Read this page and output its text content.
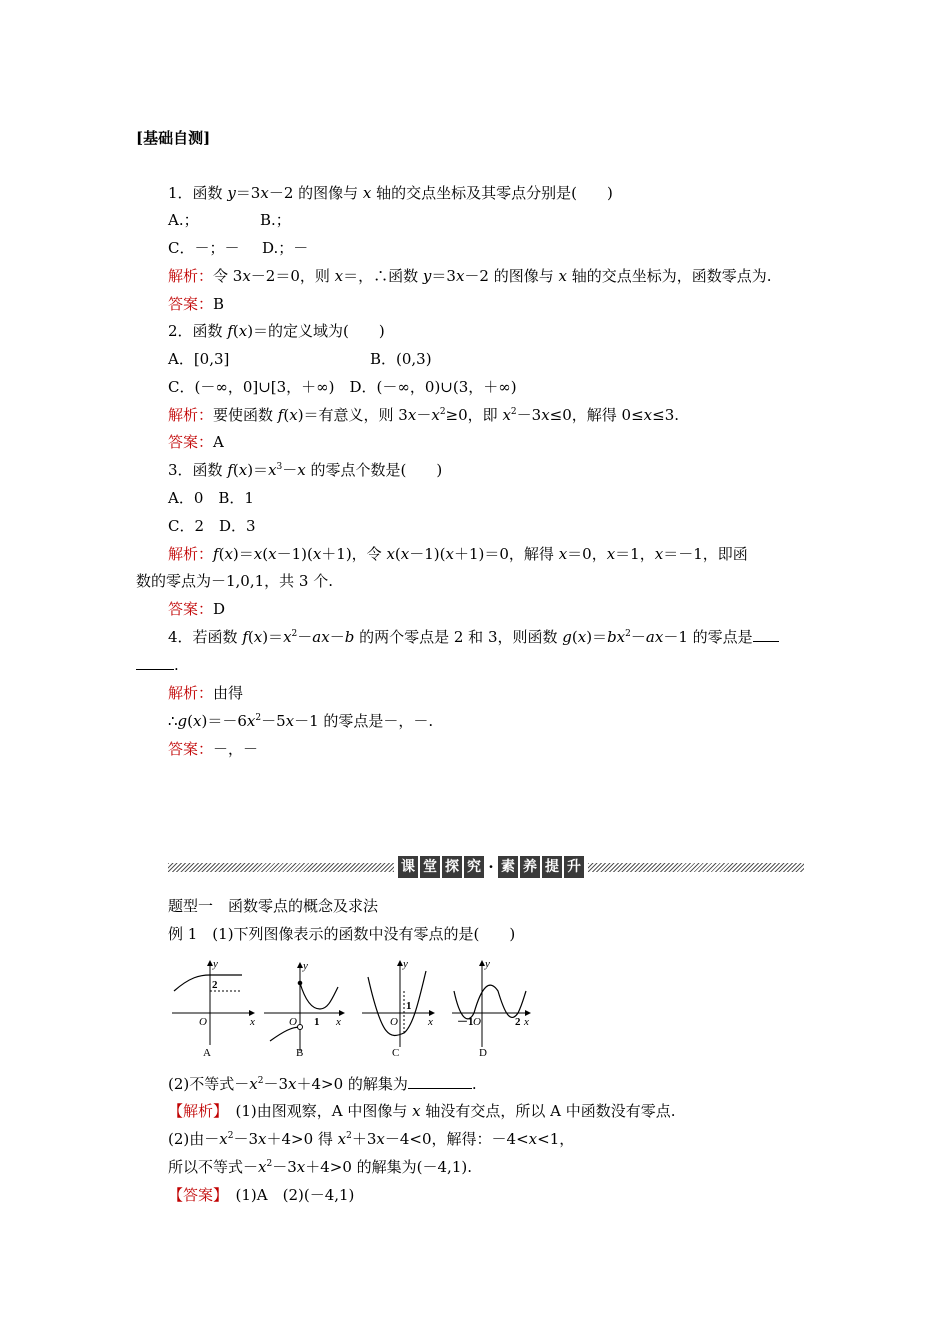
[基础自测]
1．函数 y＝3x－2 的图像与 x 轴的交点坐标及其零点分别是(　　)
A.；	B.；
C．－；－ D.；－
解析：令 3x－2＝0，则 x＝，∴函数 y＝3x－2 的图像与 x 轴的交点坐标为，函数零点为.
答案：B
2．函数 f(x)＝的定义域为(　　)
A．[0,3]	B．(0,3)
C．(－∞，0]∪[3，＋∞)　D．(－∞，0)∪(3，＋∞)
解析：要使函数 f(x)＝有意义，则 $3x-x^2\ge 0$，即 $x^2-3x\le 0$，解得 0≤x≤3.
答案：A
3．函数 $f(x)=x^3-x$ 的零点个数是(　　)
A．0　B．1
C．2　D．3
解析：f(x)＝x(x－1)(x＋1)，令 x(x－1)(x＋1)＝0，解得 x＝0，x＝1，x＝－1，即函
数的零点为－1,0,1，共 3 个.
答案：D
4．若函数 $f(x)=x^2-ax-b$ 的两个零点是 2 和 3，则函数 $g(x)=bx^2-ax-1$ 的零点是
.
解析：由得
$\therefore g(x)=-6x^2-5x-1$ 的零点是－，－.
答案：－，－
课 堂 探 究 · 素 养 提 升
题型一　函数零点的概念及求法
例 1　(1)下列图像表示的函数中没有零点的是(　　)
y
x
O
y
x
O
y
x
O
y
x
O
2
1
1
－1	2
A	B	C	D
(2)不等式$-x^2-3x+4>0$ 的解集为	.
【解析】　(1)由图观察，A 中图像与 x 轴没有交点，所以 A 中函数没有零点.
(2)由$-x^2-3x+4>0$ 得 $x^2+3x-4<0$，解得：－4<x<1，
所以不等式$-x^2-3x+4>0$ 的解集为(－4,1).
【答案】　(1)A　(2)(－4,1)
